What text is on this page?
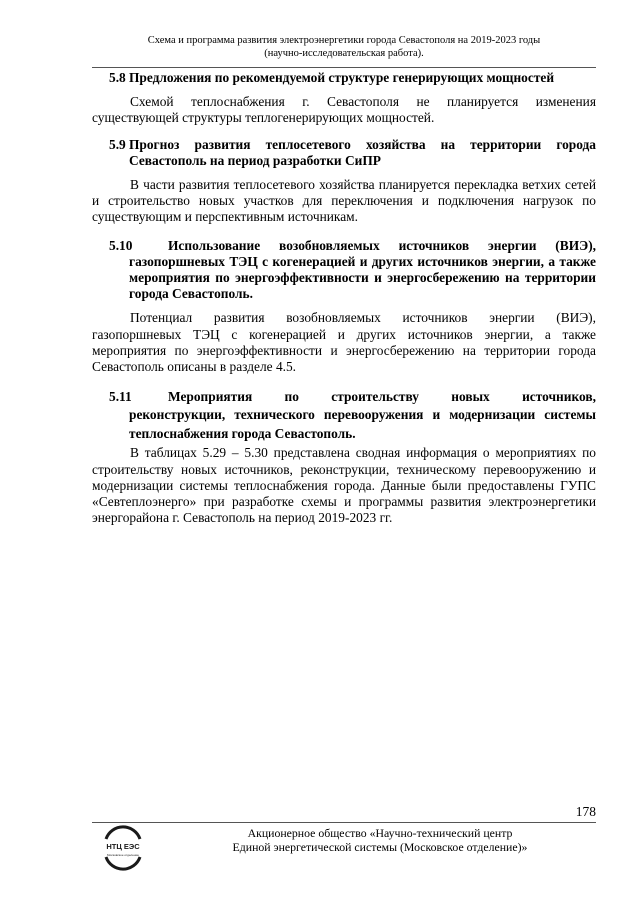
Схема и программа развития электроэнергетики города Севастополя на 2019-2023 годы
(научно-исследовательская работа).
5.8 Предложения по рекомендуемой структуре генерирующих мощностей

Схемой теплоснабжения г. Севастополя не планируется изменения существующей структуры теплогенерирующих мощностей.

5.9 Прогноз развития теплосетевого хозяйства на территории города Севастополь на период разработки СиПР

В части развития теплосетевого хозяйства планируется перекладка ветхих сетей и строительство новых участков для переключения и подключения нагрузок по существующим и перспективным источникам.

5.10	Использование возобновляемых источников энергии (ВИЭ), газопоршневых ТЭЦ с когенерацией и других источников энергии, а также мероприятия по энергоэффективности и энергосбережению на территории города Севастополь.

Потенциал развития возобновляемых источников энергии (ВИЭ), газопоршневых ТЭЦ с когенерацией и других источников энергии, а также мероприятия по энергоэффективности и энергосбережению на территории города Севастополь описаны в разделе 4.5.

5.11	Мероприятия по строительству новых источников,
реконструкции, технического перевооружения и модернизации системы теплоснабжения города Севастополь.

В таблицах 5.29 – 5.30 представлена сводная информация о мероприятиях по строительству новых источников, реконструкции, техническому перевооружению и модернизации системы теплоснабжения города. Данные были предоставлены ГУПС «Севтеплоэнерго» при разработке схемы и программы развития электроэнергетики энергорайона г. Севастополь на период 2019-2023 гг.

178
НТЦ ЕЭС
Московское отделение
Акционерное общество «Научно-технический центр
Единой энергетической системы (Московское отделение)»
